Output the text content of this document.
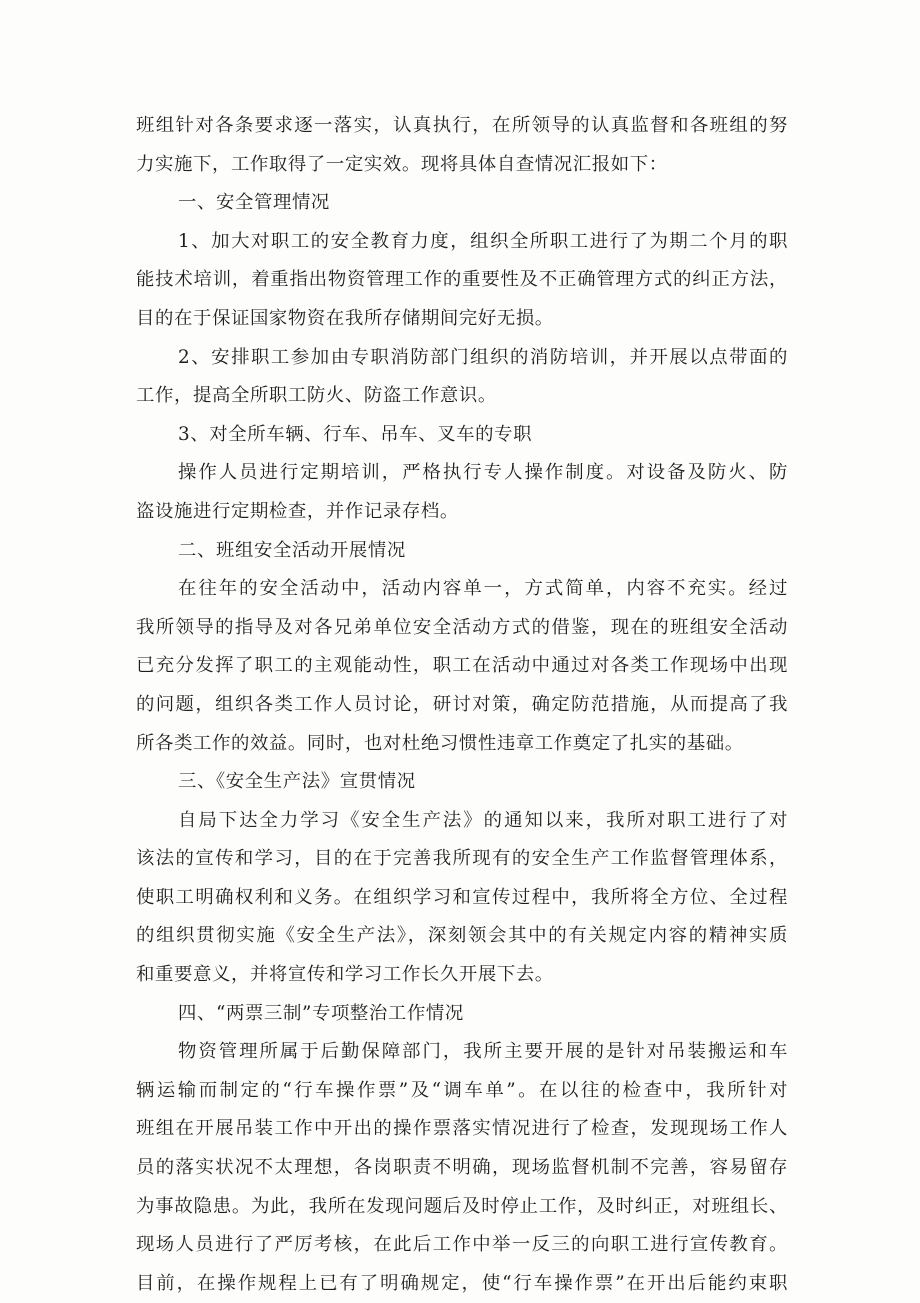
班组针对各条要求逐一落实，认真执行，在所领导的认真监督和各班组的努
力实施下，工作取得了一定实效。现将具体自查情况汇报如下：
一、安全管理情况
1、加大对职工的安全教育力度，组织全所职工进行了为期二个月的职
能技术培训，着重指出物资管理工作的重要性及不正确管理方式的纠正方法，
目的在于保证国家物资在我所存储期间完好无损。
2、安排职工参加由专职消防部门组织的消防培训，并开展以点带面的
工作，提高全所职工防火、防盗工作意识。
3、对全所车辆、行车、吊车、叉车的专职
操作人员进行定期培训，严格执行专人操作制度。对设备及防火、防
盗设施进行定期检查，并作记录存档。
二、班组安全活动开展情况
在往年的安全活动中，活动内容单一，方式简单，内容不充实。经过
我所领导的指导及对各兄弟单位安全活动方式的借鉴，现在的班组安全活动
已充分发挥了职工的主观能动性，职工在活动中通过对各类工作现场中出现
的问题，组织各类工作人员讨论，研讨对策，确定防范措施，从而提高了我
所各类工作的效益。同时，也对杜绝习惯性违章工作奠定了扎实的基础。
三、《安全生产法》宣贯情况
自局下达全力学习《安全生产法》的通知以来，我所对职工进行了对
该法的宣传和学习，目的在于完善我所现有的安全生产工作监督管理体系，
使职工明确权利和义务。在组织学习和宣传过程中，我所将全方位、全过程
的组织贯彻实施《安全生产法》，深刻领会其中的有关规定内容的精神实质
和重要意义，并将宣传和学习工作长久开展下去。
四、“两票三制”专项整治工作情况
物资管理所属于后勤保障部门，我所主要开展的是针对吊装搬运和车
辆运输而制定的“行车操作票”及“调车单”。在以往的检查中，我所针对
班组在开展吊装工作中开出的操作票落实情况进行了检查，发现现场工作人
员的落实状况不太理想，各岗职责不明确，现场监督机制不完善，容易留存
为事故隐患。为此，我所在发现问题后及时停止工作，及时纠正，对班组长、
现场人员进行了严厉考核，在此后工作中举一反三的向职工进行宣传教育。
目前，在操作规程上已有了明确规定，使“行车操作票”在开出后能约束职
